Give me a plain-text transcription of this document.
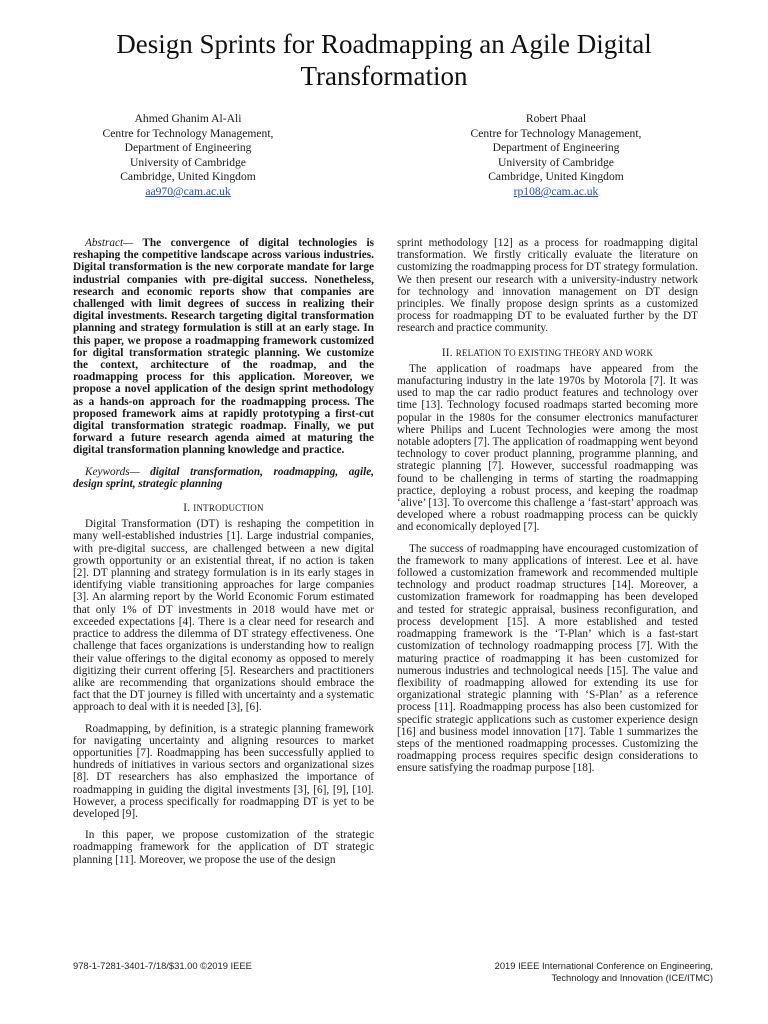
Design Sprints for Roadmapping an Agile Digital Transformation
Ahmed Ghanim Al-Ali
Centre for Technology Management,
Department of Engineering
University of Cambridge
Cambridge, United Kingdom
aa970@cam.ac.uk
Robert Phaal
Centre for Technology Management,
Department of Engineering
University of Cambridge
Cambridge, United Kingdom
rp108@cam.ac.uk

Abstract— The convergence of digital technologies is reshaping the competitive landscape across various industries. Digital transformation is the new corporate mandate for large industrial companies with pre-digital success. Nonetheless, research and economic reports show that companies are challenged with limit degrees of success in realizing their digital investments. Research targeting digital transformation planning and strategy formulation is still at an early stage. In this paper, we propose a roadmapping framework customized for digital transformation strategic planning. We customize the context, architecture of the roadmap, and the roadmapping process for this application. Moreover, we propose a novel application of the design sprint methodology as a hands-on approach for the roadmapping process. The proposed framework aims at rapidly prototyping a first-cut digital transformation strategic roadmap. Finally, we put forward a future research agenda aimed at maturing the digital transformation planning knowledge and practice.

Keywords— digital transformation, roadmapping, agile, design sprint, strategic planning

I. INTRODUCTION

Digital Transformation (DT) is reshaping the competition in many well-established industries [1]. Large industrial companies, with pre-digital success, are challenged between a new digital growth opportunity or an existential threat, if no action is taken [2]. DT planning and strategy formulation is in its early stages in identifying viable transitioning approaches for large companies [3]. An alarming report by the World Economic Forum estimated that only 1% of DT investments in 2018 would have met or exceeded expectations [4]. There is a clear need for research and practice to address the dilemma of DT strategy effectiveness. One challenge that faces organizations is understanding how to realign their value offerings to the digital economy as opposed to merely digitizing their current offering [5]. Researchers and practitioners alike are recommending that organizations should embrace the fact that the DT journey is filled with uncertainty and a systematic approach to deal with it is needed [3], [6].

Roadmapping, by definition, is a strategic planning framework for navigating uncertainty and aligning resources to market opportunities [7]. Roadmapping has been successfully applied to hundreds of initiatives in various sectors and organizational sizes [8]. DT researchers has also emphasized the importance of roadmapping in guiding the digital investments [3], [6], [9], [10]. However, a process specifically for roadmapping DT is yet to be developed [9].

In this paper, we propose customization of the strategic roadmapping framework for the application of DT strategic planning [11]. Moreover, we propose the use of the design

sprint methodology [12] as a process for roadmapping digital transformation. We firstly critically evaluate the literature on customizing the roadmapping process for DT strategy formulation. We then present our research with a university-industry network for technology and innovation management on DT design principles. We finally propose design sprints as a customized process for roadmapping DT to be evaluated further by the DT research and practice community.

II. RELATION TO EXISTING THEORY AND WORK

The application of roadmaps have appeared from the manufacturing industry in the late 1970s by Motorola [7]. It was used to map the car radio product features and technology over time [13]. Technology focused roadmaps started becoming more popular in the 1980s for the consumer electronics manufacturer where Philips and Lucent Technologies were among the most notable adopters [7]. The application of roadmapping went beyond technology to cover product planning, programme planning, and strategic planning [7]. However, successful roadmapping was found to be challenging in terms of starting the roadmapping practice, deploying a robust process, and keeping the roadmap ‘alive’ [13]. To overcome this challenge a ‘fast-start’ approach was developed where a robust roadmapping process can be quickly and economically deployed [7].

The success of roadmapping have encouraged customization of the framework to many applications of interest. Lee et al. have followed a customization framework and recommended multiple technology and product roadmap structures [14]. Moreover, a customization framework for roadmapping has been developed and tested for strategic appraisal, business reconfiguration, and process development [15]. A more established and tested roadmapping framework is the ‘T-Plan’ which is a fast-start customization of technology roadmapping process [7]. With the maturing practice of roadmapping it has been customized for numerous industries and technological needs [15]. The value and flexibility of roadmapping allowed for extending its use for organizational strategic planning with ‘S-Plan’ as a reference process [11]. Roadmapping process has also been customized for specific strategic applications such as customer experience design [16] and business model innovation [17]. Table 1 summarizes the steps of the mentioned roadmapping processes. Customizing the roadmapping process requires specific design considerations to ensure satisfying the roadmap purpose [18].

978-1-7281-3401-7/18/$31.00 ©2019 IEEE	2019 IEEE International Conference on Engineering,
Technology and Innovation (ICE/ITMC)
